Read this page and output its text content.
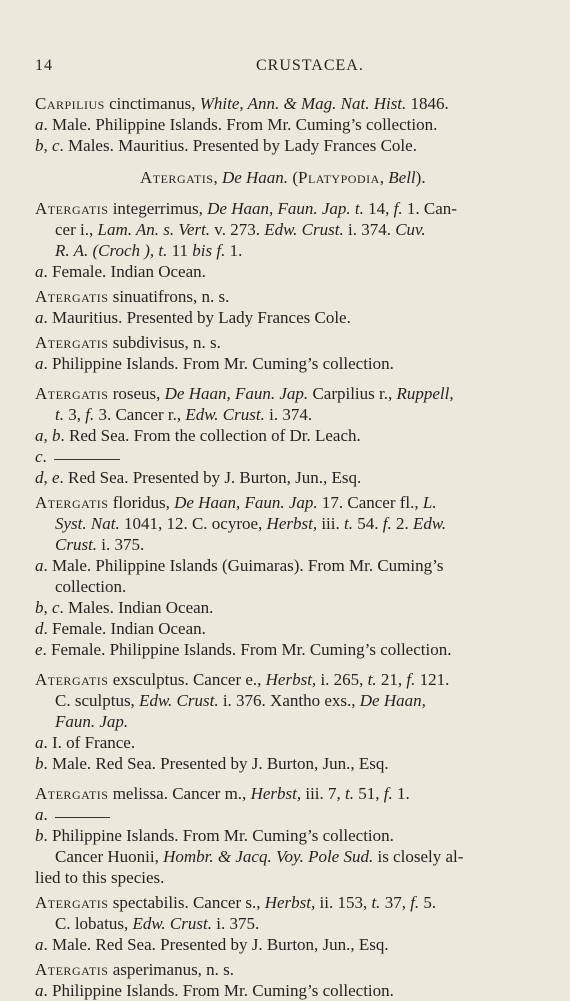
14	CRUSTACEA.
Carpilius cinctimanus, White, Ann. & Mag. Nat. Hist. 1846.
a. Male. Philippine Islands. From Mr. Cuming’s collection.
b, c. Males. Mauritius. Presented by Lady Frances Cole.
Atergatis, De Haan. (Platypodia, Bell).
Atergatis integerrimus, De Haan, Faun. Jap. t. 14, f. 1. Can-
cer i., Lam. An. s. Vert. v. 273. Edw. Crust. i. 374. Cuv.
R. A. (Croch ), t. 11 bis f. 1.
a. Female. Indian Ocean.
Atergatis sinuatifrons, n. s.
a. Mauritius. Presented by Lady Frances Cole.
Atergatis subdivisus, n. s.
a. Philippine Islands. From Mr. Cuming’s collection.
Atergatis roseus, De Haan, Faun. Jap. Carpilius r., Ruppell,
t. 3, f. 3. Cancer r., Edw. Crust. i. 374.
a, b. Red Sea. From the collection of Dr. Leach.
c.
d, e. Red Sea. Presented by J. Burton, Jun., Esq.
Atergatis floridus, De Haan, Faun. Jap. 17. Cancer fl., L.
Syst. Nat. 1041, 12. C. ocyroe, Herbst, iii. t. 54. f. 2. Edw.
Crust. i. 375.
a. Male. Philippine Islands (Guimaras). From Mr. Cuming’s
collection.
b, c. Males. Indian Ocean.
d. Female. Indian Ocean.
e. Female. Philippine Islands. From Mr. Cuming’s collection.
Atergatis exsculptus. Cancer e., Herbst, i. 265, t. 21, f. 121.
C. sculptus, Edw. Crust. i. 376. Xantho exs., De Haan,
Faun. Jap.
a. I. of France.
b. Male. Red Sea. Presented by J. Burton, Jun., Esq.
Atergatis melissa. Cancer m., Herbst, iii. 7, t. 51, f. 1.
a.
b. Philippine Islands. From Mr. Cuming’s collection.
Cancer Huonii, Hombr. & Jacq. Voy. Pole Sud. is closely al-
lied to this species.
Atergatis spectabilis. Cancer s., Herbst, ii. 153, t. 37, f. 5.
C. lobatus, Edw. Crust. i. 375.
a. Male. Red Sea. Presented by J. Burton, Jun., Esq.
Atergatis asperimanus, n. s.
a. Philippine Islands. From Mr. Cuming’s collection.
